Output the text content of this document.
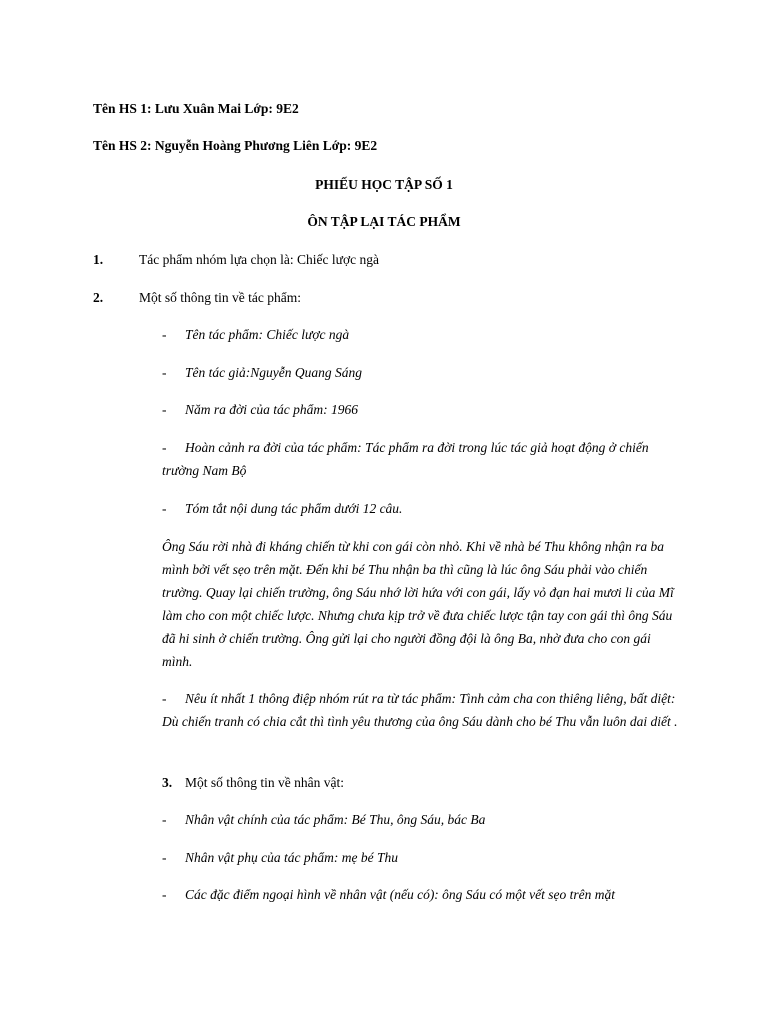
Tên HS 1: Lưu Xuân Mai Lớp: 9E2
Tên HS 2: Nguyễn Hoàng Phương Liên Lớp: 9E2
PHIẾU HỌC TẬP SỐ 1
ÔN TẬP LẠI TÁC PHẨM
1.	Tác phẩm nhóm lựa chọn là: Chiếc lược ngà
2.	Một số thông tin về tác phẩm:
- Tên tác phẩm: Chiếc lược ngà
- Tên tác giả:Nguyễn Quang Sáng
- Năm ra đời của tác phẩm: 1966
- Hoàn cảnh ra đời của tác phẩm: Tác phẩm ra đời trong lúc tác giả hoạt động ở chiến trường Nam Bộ
- Tóm tắt nội dung tác phẩm dưới 12 câu.
Ông Sáu rời nhà đi kháng chiến từ khi con gái còn nhỏ. Khi về nhà bé Thu không nhận ra ba mình bởi vết sẹo trên mặt. Đến khi bé Thu nhận ba thì cũng là lúc ông Sáu phải vào chiến trường. Quay lại chiến trường, ông Sáu nhớ lời hứa với con gái, lấy vỏ đạn hai mươi li của Mĩ làm cho con một chiếc lược. Nhưng chưa kịp trở về đưa chiếc lược tận tay con gái thì ông Sáu đã hi sinh ở chiến trường. Ông gửi lại cho người đồng đội là ông Ba, nhờ đưa cho con gái mình.
- Nêu ít nhất 1 thông điệp nhóm rút ra từ tác phẩm: Tình cảm cha con thiêng liêng, bất diệt: Dù chiến tranh có chia cắt thì tình yêu thương của ông Sáu dành cho bé Thu vẫn luôn dai diết .
3. Một số thông tin về nhân vật:
- Nhân vật chính của tác phẩm: Bé Thu, ông Sáu, bác Ba
- Nhân vật phụ của tác phẩm: mẹ bé Thu
- Các đặc điểm ngoại hình về nhân vật (nếu có): ông Sáu có một vết sẹo trên mặt
